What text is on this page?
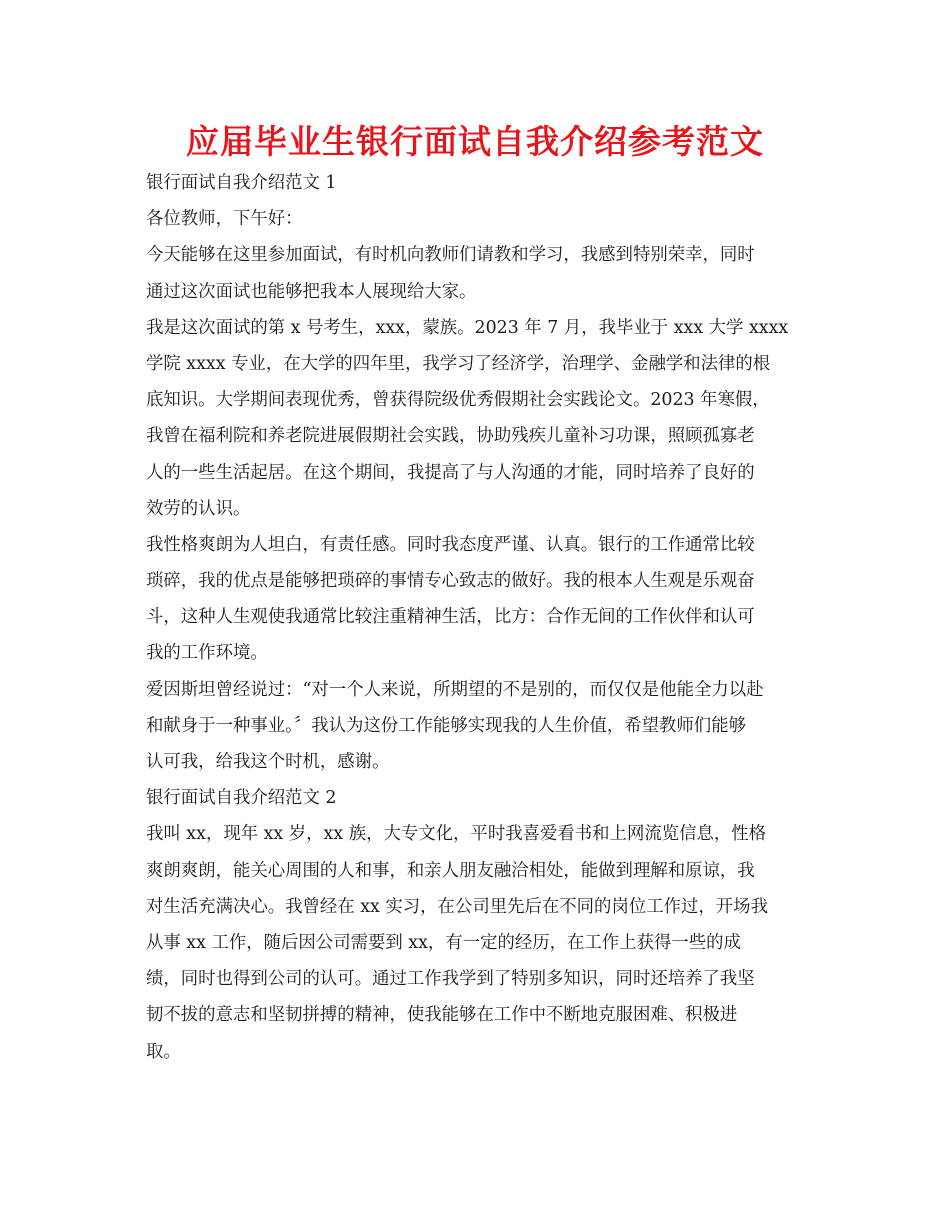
应届毕业生银行面试自我介绍参考范文
银行面试自我介绍范文 1
各位教师，下午好：
今天能够在这里参加面试，有时机向教师们请教和学习，我感到特别荣幸，同时
通过这次面试也能够把我本人展现给大家。
我是这次面试的第 x 号考生，xxx，蒙族。2023 年 7 月，我毕业于 xxx 大学 xxxx
学院 xxxx 专业，在大学的四年里，我学习了经济学，治理学、金融学和法律的根
底知识。大学期间表现优秀，曾获得院级优秀假期社会实践论文。2023 年寒假，
我曾在福利院和养老院进展假期社会实践，协助残疾儿童补习功课，照顾孤寡老
人的一些生活起居。在这个期间，我提高了与人沟通的才能，同时培养了良好的
效劳的认识。
我性格爽朗为人坦白，有责任感。同时我态度严谨、认真。银行的工作通常比较
琐碎，我的优点是能够把琐碎的事情专心致志的做好。我的根本人生观是乐观奋
斗，这种人生观使我通常比较注重精神生活，比方：合作无间的工作伙伴和认可
我的工作环境。
爱因斯坦曾经说过：“对一个人来说，所期望的不是别的，而仅仅是他能全力以赴
和献身于一种事业。〞我认为这份工作能够实现我的人生价值，希望教师们能够
认可我，给我这个时机，感谢。
银行面试自我介绍范文 2
我叫 xx，现年 xx 岁，xx 族，大专文化，平时我喜爱看书和上网流览信息，性格
爽朗爽朗，能关心周围的人和事，和亲人朋友融洽相处，能做到理解和原谅，我
对生活充满决心。我曾经在 xx 实习，在公司里先后在不同的岗位工作过，开场我
从事 xx 工作，随后因公司需要到 xx，有一定的经历，在工作上获得一些的成
绩，同时也得到公司的认可。通过工作我学到了特别多知识，同时还培养了我坚
韧不拔的意志和坚韧拼搏的精神，使我能够在工作中不断地克服困难、积极进
取。
